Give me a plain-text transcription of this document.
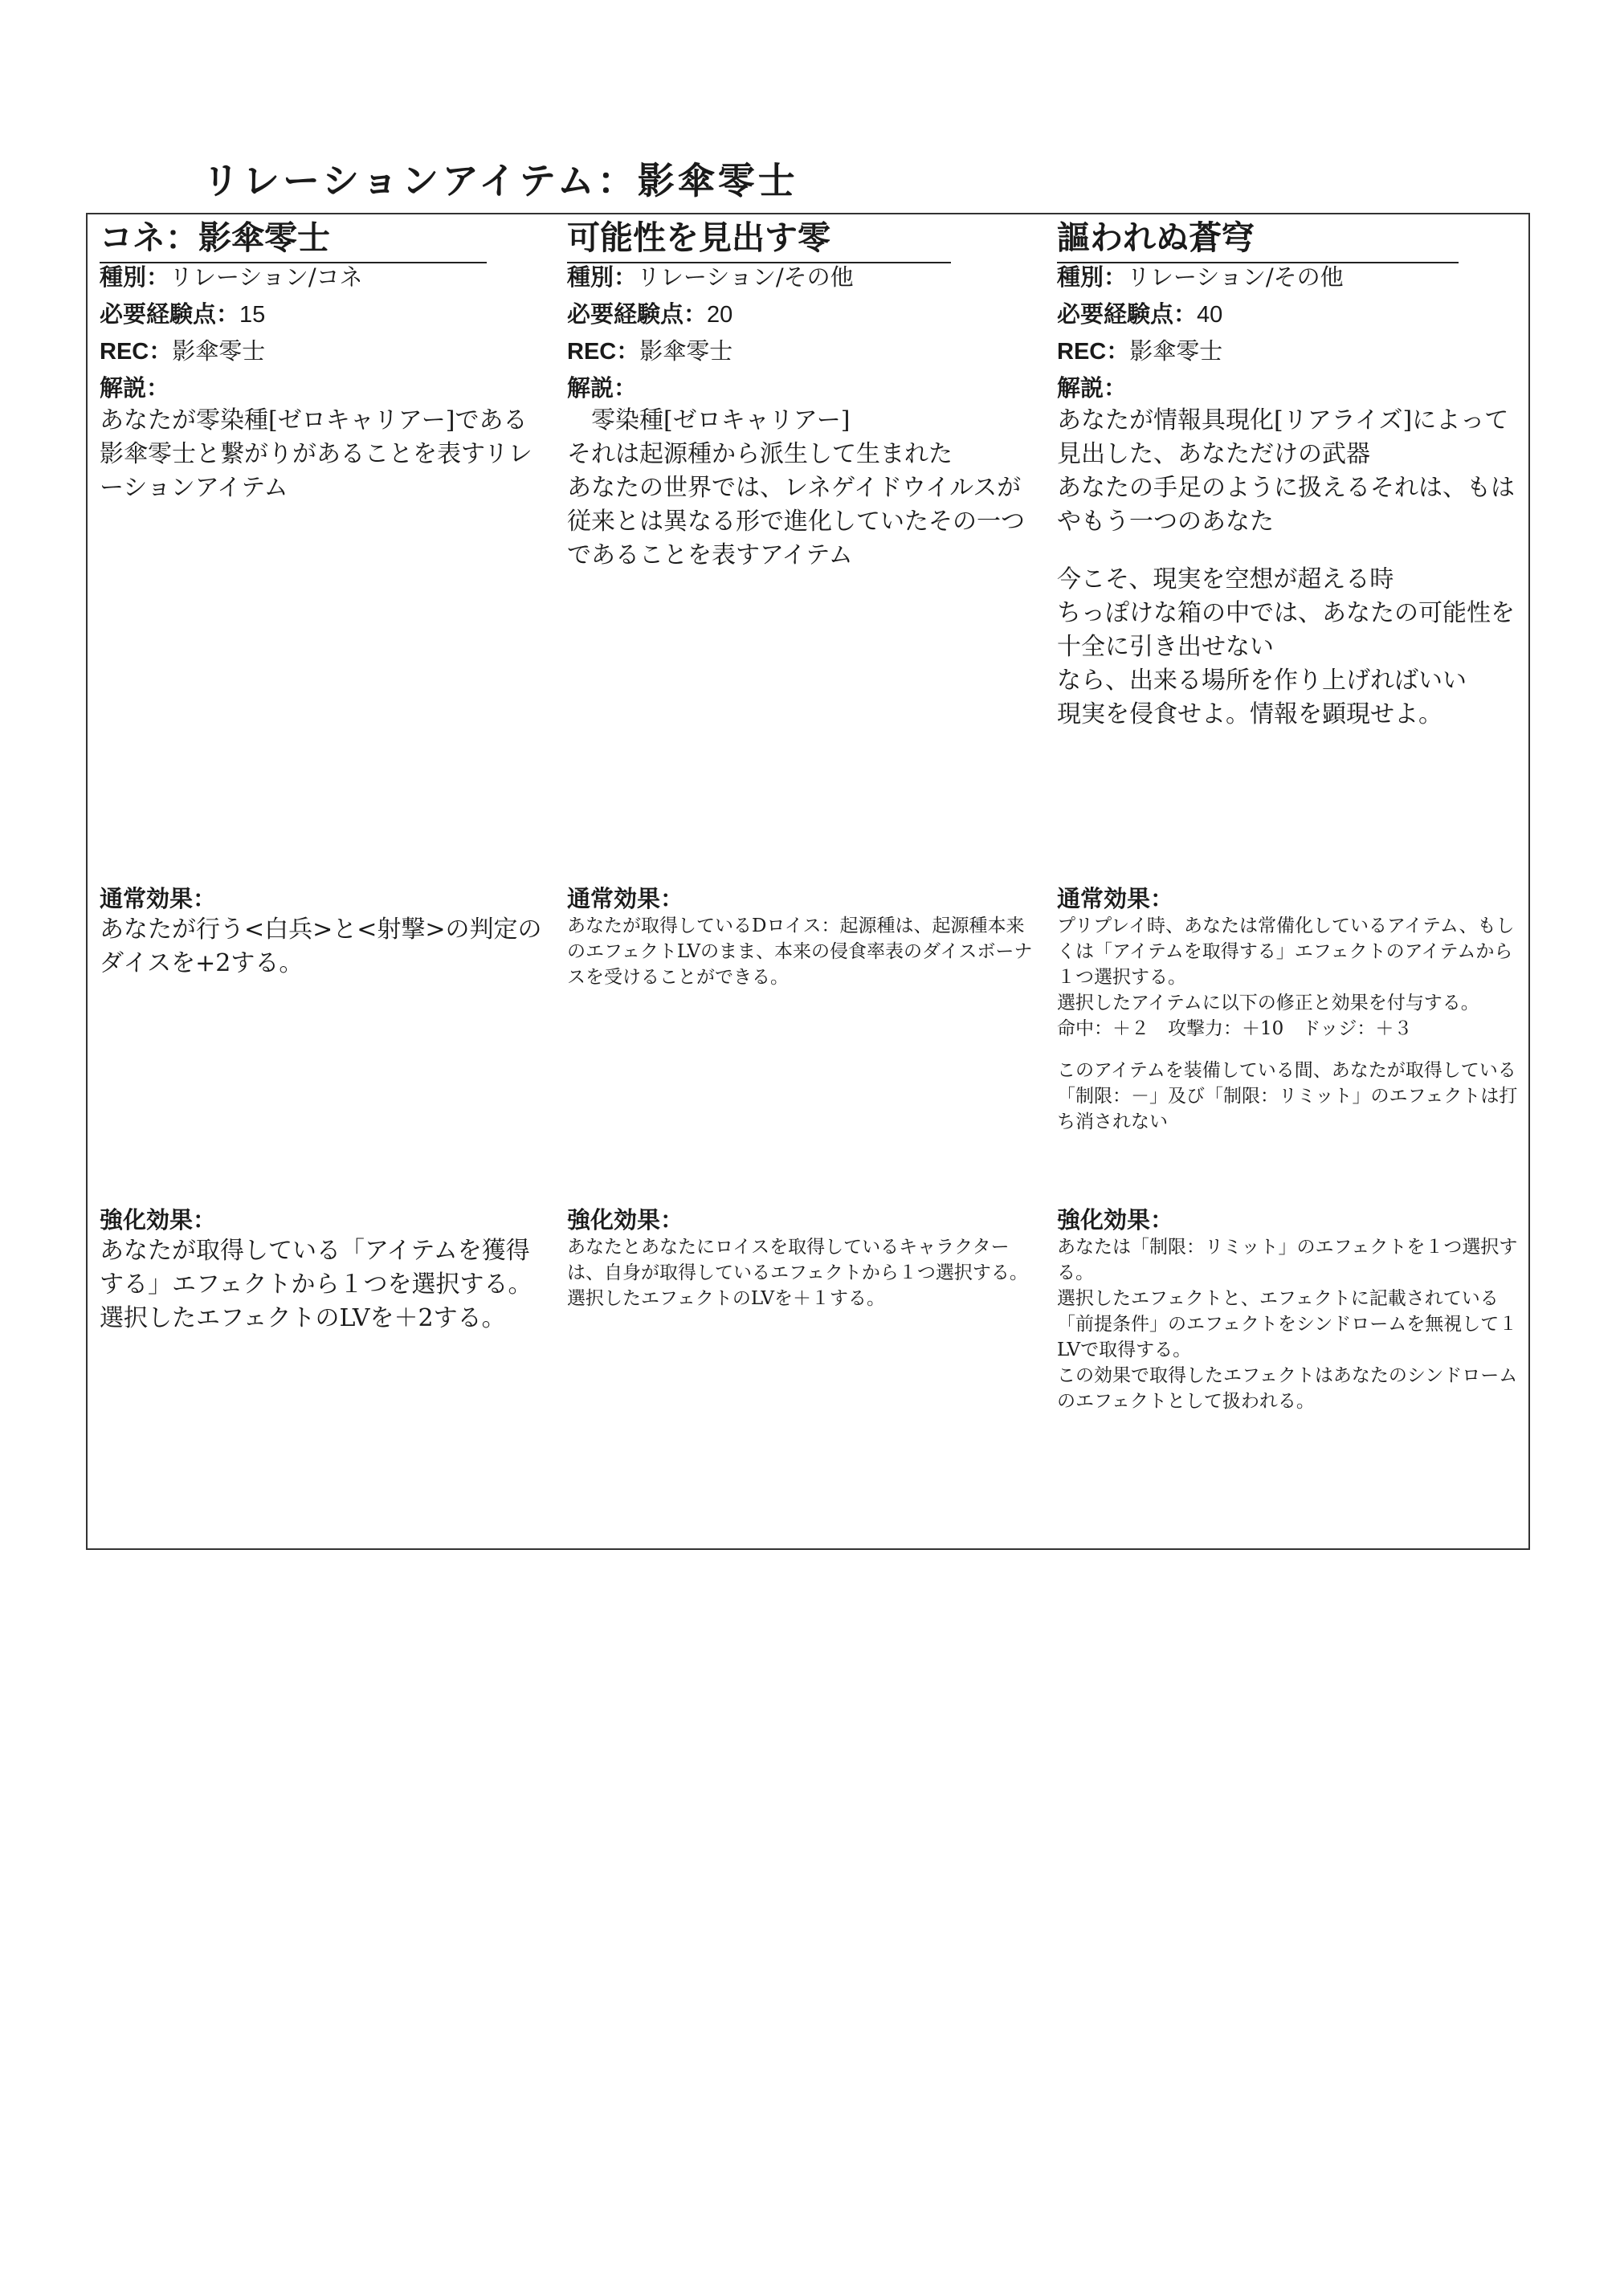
リレーションアイテム：影傘零士
コネ：影傘零士
種別：リレーション/コネ
必要経験点：15
REC：影傘零士
解説：

あなたが零染種[ゼロキャリアー]である影傘零士と繋がりがあることを表すリレーションアイテム

通常効果：

あなたが行う<白兵>と<射撃>の判定のダイスを+2する。

強化効果：

あなたが取得している「アイテムを獲得する」エフェクトから１つを選択する。

選択したエフェクトのLVを＋2する。

可能性を見出す零
種別：リレーション/その他
必要経験点：20
REC：影傘零士
解説：

　零染種[ゼロキャリアー]

それは起源種から派生して生まれた

あなたの世界では、レネゲイドウイルスが従来とは異なる形で進化していたその一つであることを表すアイテム

通常効果：

あなたが取得しているDロイス：起源種は、起源種本来のエフェクトLVのまま、本来の侵食率表のダイスボーナスを受けることができる。

強化効果：

あなたとあなたにロイスを取得しているキャラクターは、自身が取得しているエフェクトから１つ選択する。

選択したエフェクトのLVを＋１する。

謳われぬ蒼穹
種別：リレーション/その他
必要経験点：40
REC：影傘零士
解説：

あなたが情報具現化[リアライズ]によって見出した、あなただけの武器

あなたの手足のように扱えるそれは、もはやもう一つのあなた

今こそ、現実を空想が超える時

ちっぽけな箱の中では、あなたの可能性を十全に引き出せない

なら、出来る場所を作り上げればいい

現実を侵食せよ。情報を顕現せよ。

通常効果：

プリプレイ時、あなたは常備化しているアイテム、もしくは「アイテムを取得する」エフェクトのアイテムから１つ選択する。

選択したアイテムに以下の修正と効果を付与する。

命中：＋２　攻撃力：＋10　ドッジ：＋３

このアイテムを装備している間、あなたが取得している「制限：－」及び「制限：リミット」のエフェクトは打ち消されない

強化効果：

あなたは「制限：リミット」のエフェクトを１つ選択する。

選択したエフェクトと、エフェクトに記載されている「前提条件」のエフェクトをシンドロームを無視して１LVで取得する。

この効果で取得したエフェクトはあなたのシンドロームのエフェクトとして扱われる。
